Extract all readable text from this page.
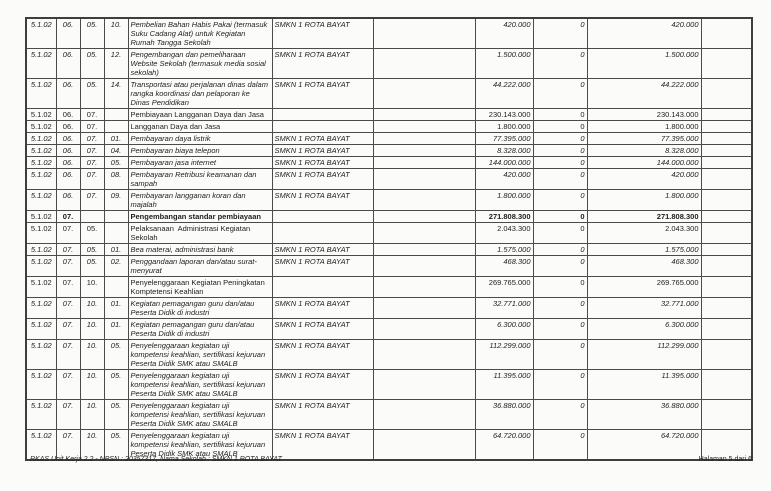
5.1.02	06.	05.	10.	Pembelian Bahan Habis Pakai (termasuk Suku Cadang Alat) untuk Kegiatan Rumah Tangga Sekolah	SMKN 1 ROTA BAYAT		420.000	0	420.000	
5.1.02	06.	05.	12.	Pengembangan dan pemeliharaan Website Sekolah (termasuk media sosial sekolah)	SMKN 1 ROTA BAYAT		1.500.000	0	1.500.000	
5.1.02	06.	05.	14.	Transportasi atau perjalanan dinas dalam rangka koordinasi dan pelaporan ke Dinas Pendidikan	SMKN 1 ROTA BAYAT		44.222.000	0	44.222.000	
5.1.02	06.	07.		Pembiayaan Langganan Daya dan Jasa			230.143.000	0	230.143.000	
5.1.02	06.	07.		Langganan Daya dan Jasa			1.800.000	0	1.800.000	
5.1.02	06.	07.	01.	Pembayaran daya listrik	SMKN 1 ROTA BAYAT		77.395.000	0	77.395.000	
5.1.02	06.	07.	04.	Pembayaran biaya telepon	SMKN 1 ROTA BAYAT		8.328.000	0	8.328.000	
5.1.02	06.	07.	05.	Pembayaran jasa internet	SMKN 1 ROTA BAYAT		144.000.000	0	144.000.000	
5.1.02	06.	07.	08.	Pembayaran Retribusi keamanan dan sampah	SMKN 1 ROTA BAYAT		420.000	0	420.000	
5.1.02	06.	07.	09.	Pembayaran langganan koran dan majalah	SMKN 1 ROTA BAYAT		1.800.000	0	1.800.000	
5.1.02	07.			Pengembangan standar pembiayaan			271.808.300	0	271.808.300	
5.1.02	07.	05.		Pelaksanaan  Administrasi Kegiatan Sekolah			2.043.300	0	2.043.300	
5.1.02	07.	05.	01.	Bea materai, administrasi bank	SMKN 1 ROTA BAYAT		1.575.000	0	1.575.000	
5.1.02	07.	05.	02.	Penggandaan laporan dan/atau surat-menyurat	SMKN 1 ROTA BAYAT		468.300	0	468.300	
5.1.02	07.	10.		Penyelenggaraan Kegiatan Peningkatan Komptetensi Keahlian			269.765.000	0	269.765.000	
5.1.02	07.	10.	01.	Kegiatan pemagangan guru dan/atau Peserta Didik di industri	SMKN 1 ROTA BAYAT		32.771.000	0	32.771.000	
5.1.02	07.	10.	01.	Kegiatan pemagangan guru dan/atau Peserta Didik di industri	SMKN 1 ROTA BAYAT		6.300.000	0	6.300.000	
5.1.02	07.	10.	05.	Penyelenggaraan kegiatan uji kompetensi keahlian, sertifikasi kejuruan Peserta Didik SMK atau SMALB	SMKN 1 ROTA BAYAT		112.299.000	0	112.299.000	
5.1.02	07.	10.	05.	Penyelenggaraan kegiatan uji kompetensi keahlian, sertifikasi kejuruan Peserta Didik SMK atau SMALB	SMKN 1 ROTA BAYAT		11.395.000	0	11.395.000	
5.1.02	07.	10.	05.	Penyelenggaraan kegiatan uji kompetensi keahlian, sertifikasi kejuruan Peserta Didik SMK atau SMALB	SMKN 1 ROTA BAYAT		36.880.000	0	36.880.000	
5.1.02	07.	10.	05.	Penyelenggaraan kegiatan uji kompetensi keahlian, sertifikasi kejuruan Peserta Didik SMK atau SMALB	SMKN 1 ROTA BAYAT		64.720.000	0	64.720.000	
RKAS Unit Kerja 2.2 - NPSN : 20357317, Nama Sekolah : SMKN 1 ROTA BAYAT	Halaman 5 dari 6
